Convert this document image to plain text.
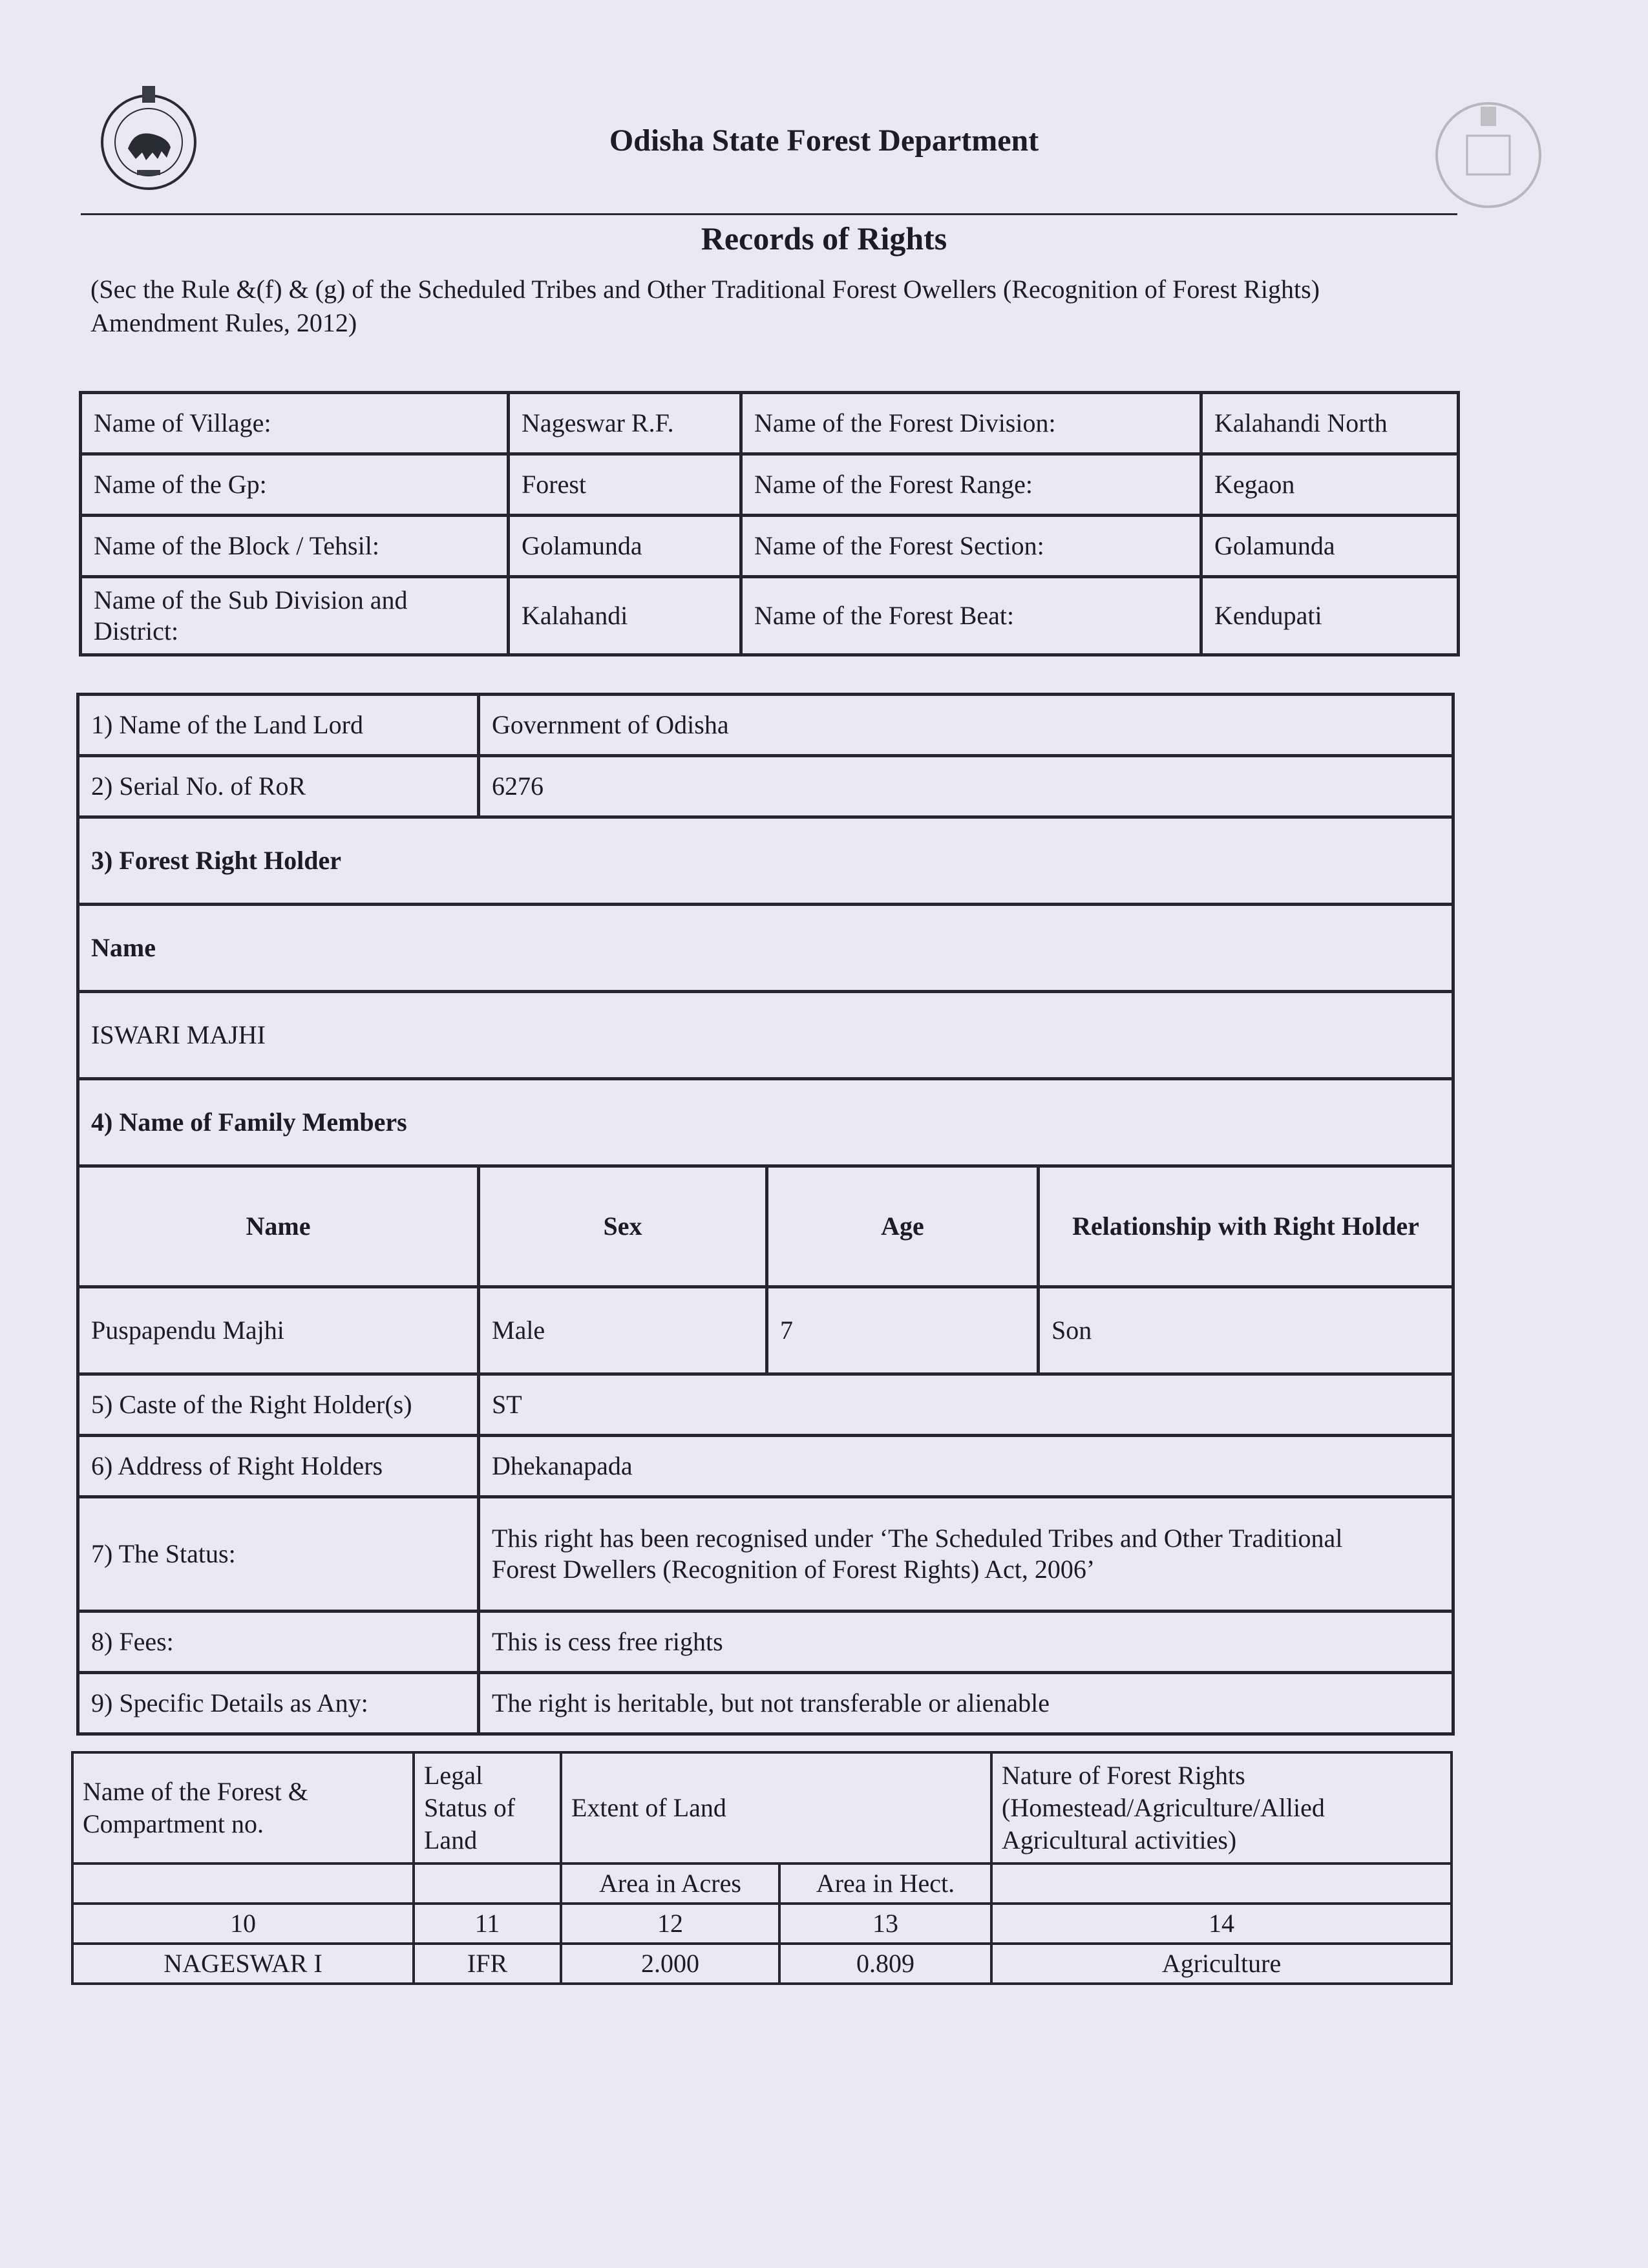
Odisha State Forest Department
Records of Rights
(Sec the Rule &(f) & (g) of the Scheduled Tribes and Other Traditional Forest Owellers (Recognition of Forest Rights) Amendment Rules, 2012)
Name of Village:	Nageswar R.F.	Name of the Forest Division:	Kalahandi North
Name of the Gp:	Forest	Name of the Forest Range:	Kegaon
Name of the Block / Tehsil:	Golamunda	Name of the Forest Section:	Golamunda
Name of the Sub Division and District:	Kalahandi	Name of the Forest Beat:	Kendupati
1) Name of the Land Lord	Government of Odisha		
2) Serial No. of RoR	6276		
3) Forest Right Holder			
Name			
ISWARI MAJHI			
4) Name of Family Members			
Name	Sex	Age	Relationship with Right Holder
Puspapendu Majhi	Male	7	Son
5) Caste of the Right Holder(s)	ST		
6) Address of Right Holders	Dhekanapada		
7) The Status:	This right has been recognised under ‘The Scheduled Tribes and Other Traditional
Forest Dwellers (Recognition of Forest Rights) Act, 2006’		

8) Fees:	This is cess free rights		
9) Specific Details as Any:	The right is heritable, but not transferable or alienable		
Name of the Forest & Compartment no.	Legal Status of Land	Extent of Land		Nature of Forest Rights (Homestead/Agriculture/Allied Agricultural activities)
		Area in Acres	Area in Hect.	
10	11	12	13	14
NAGESWAR I	IFR	2.000	0.809	Agriculture
